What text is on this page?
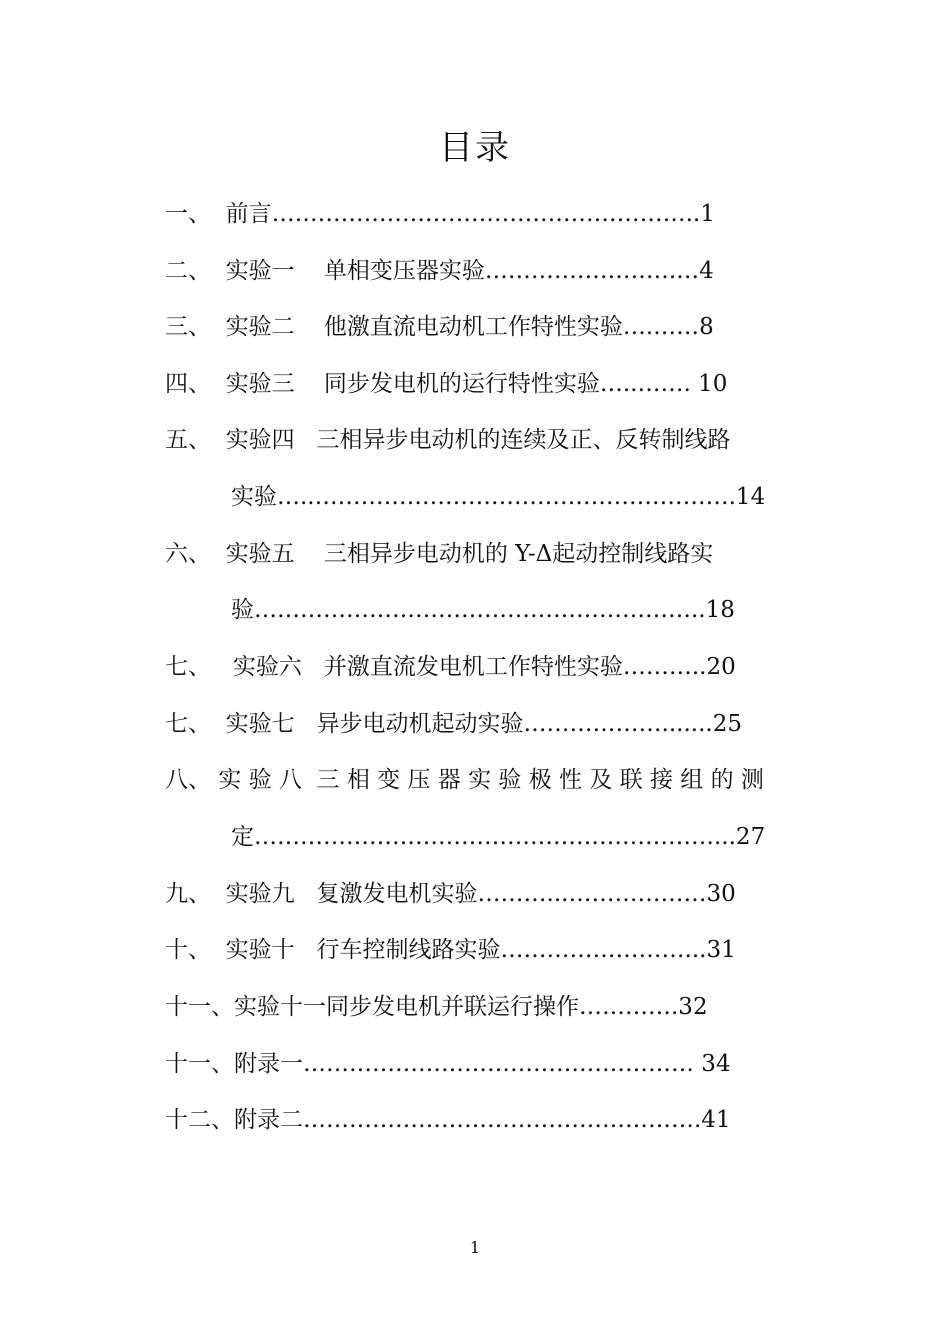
目录
一、  前言………………………………………………..1
二、  实验一    单相变压器实验…………………….…4
三、  实验二    他激直流电动机工作特性实验….……8
四、  实验三    同步发电机的运行特性实验…..……. 10
五、  实验四   三相异步电动机的连续及正、反转制线路
实验…..……………………………………………….14
六、  实验五    三相异步电动机的 Y-Δ起动控制线路实
验…………………………………………………..18
七、   实验六   并激直流发电机工作特性实验………..20
七、  实验七   异步电动机起动实验……………….......25
八、 实 验 八  三 相 变 压 器 实 验 极 性 及 联 接 组 的 测
定……………………………………………………...27
九、  实验九   复激发电机实验………...………………30
十、  实验十   行车控制线路实验……………………...31
十一、实验十一同步发电机并联运行操作………….32
十一、附录一…………………………………………… 34
十二、附录二…………………………………………….41
1
